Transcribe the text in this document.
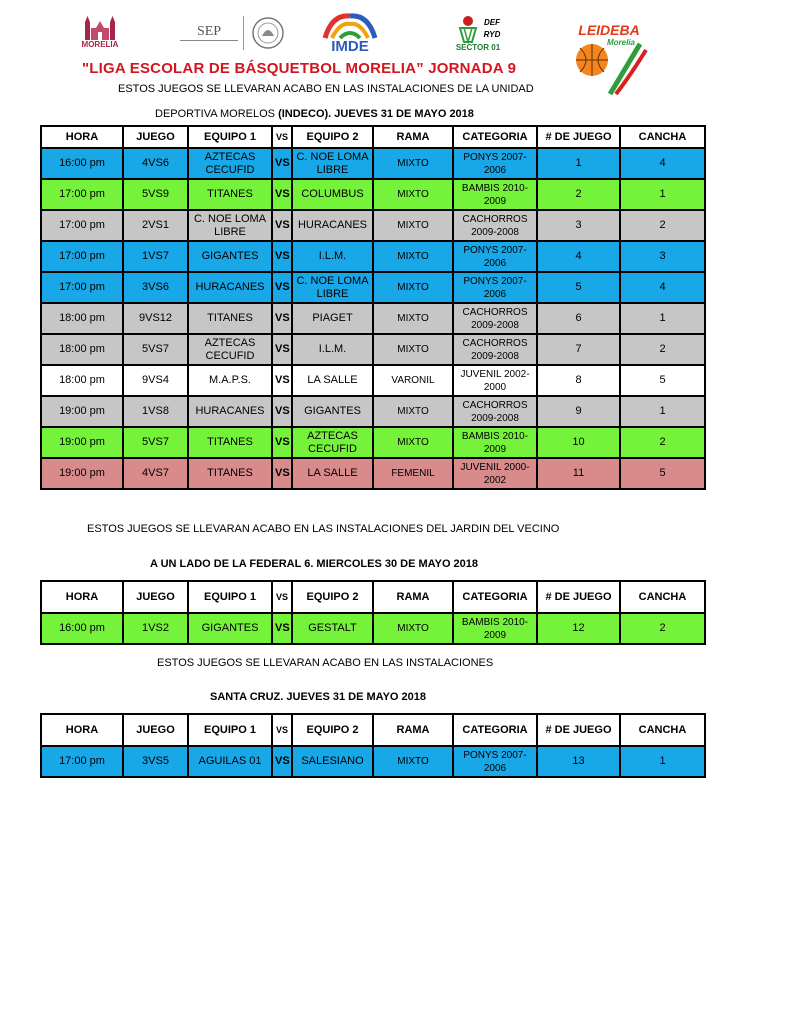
MORELIA
SEP
IMDE
DEF
RYD
SECTOR 01
LEIDEBA
Morelia
"LIGA ESCOLAR DE BÁSQUETBOL MORELIA” JORNADA 9
ESTOS JUEGOS SE LLEVARAN ACABO EN LAS INSTALACIONES DE LA UNIDAD
DEPORTIVA MORELOS (INDECO). JUEVES 31 DE MAYO 2018
HORA	JUEGO	EQUIPO 1	VS	EQUIPO 2	RAMA	CATEGORIA	# DE JUEGO	CANCHA
16:00 pm	4VS6	AZTECAS CECUFID	VS	C. NOE LOMA LIBRE	MIXTO	PONYS 2007-2006	1	4
17:00 pm	5VS9	TITANES	VS	COLUMBUS	MIXTO	BAMBIS 2010-2009	2	1
17:00 pm	2VS1	C. NOE LOMA LIBRE	VS	HURACANES	MIXTO	CACHORROS 2009-2008	3	2
17:00 pm	1VS7	GIGANTES	VS	I.L.M.	MIXTO	PONYS 2007-2006	4	3
17:00 pm	3VS6	HURACANES	VS	C. NOE LOMA LIBRE	MIXTO	PONYS 2007-2006	5	4
18:00 pm	9VS12	TITANES	VS	PIAGET	MIXTO	CACHORROS 2009-2008	6	1
18:00 pm	5VS7	AZTECAS CECUFID	VS	I.L.M.	MIXTO	CACHORROS 2009-2008	7	2
18:00 pm	9VS4	M.A.P.S.	VS	LA SALLE	VARONIL	JUVENIL 2002-2000	8	5
19:00 pm	1VS8	HURACANES	VS	GIGANTES	MIXTO	CACHORROS 2009-2008	9	1
19:00 pm	5VS7	TITANES	VS	AZTECAS CECUFID	MIXTO	BAMBIS 2010-2009	10	2
19:00 pm	4VS7	TITANES	VS	LA SALLE	FEMENIL	JUVENIL 2000-2002	11	5
ESTOS JUEGOS SE LLEVARAN ACABO EN LAS INSTALACIONES DEL JARDIN DEL VECINO
A UN LADO DE LA FEDERAL 6. MIERCOLES 30 DE MAYO 2018
HORA	JUEGO	EQUIPO 1	VS	EQUIPO 2	RAMA	CATEGORIA	# DE JUEGO	CANCHA
16:00 pm	1VS2	GIGANTES	VS	GESTALT	MIXTO	BAMBIS 2010-2009	12	2
ESTOS JUEGOS SE LLEVARAN ACABO EN LAS INSTALACIONES
SANTA CRUZ. JUEVES 31 DE MAYO 2018
HORA	JUEGO	EQUIPO 1	VS	EQUIPO 2	RAMA	CATEGORIA	# DE JUEGO	CANCHA
17:00 pm	3VS5	AGUILAS 01	VS	SALESIANO	MIXTO	PONYS 2007-2006	13	1
